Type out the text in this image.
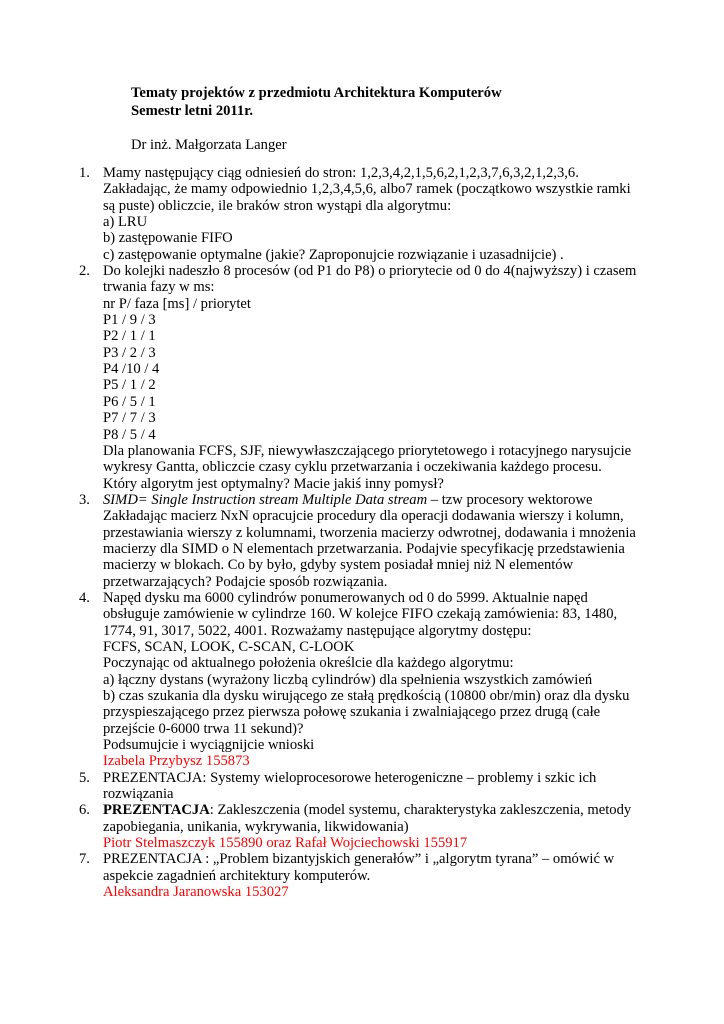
Tematy projektów z przedmiotu Architektura Komputerów
Semestr letni 2011r.
Dr inż. Małgorzata Langer
1. Mamy następujący ciąg odniesień do stron: 1,2,3,4,2,1,5,6,2,1,2,3,7,6,3,2,1,2,3,6.
Zakładając, że mamy odpowiednio 1,2,3,4,5,6, albo7 ramek (początkowo wszystkie ramki
są puste) obliczcie, ile braków stron wystąpi dla algorytmu:
a) LRU
b) zastępowanie FIFO
c) zastępowanie optymalne (jakie? Zaproponujcie rozwiązanie i uzasadnijcie) .
2. Do kolejki nadeszło 8 procesów (od P1 do P8) o priorytecie od 0 do 4(najwyższy) i czasem
trwania fazy w ms:
nr P/ faza [ms] / priorytet
P1 / 9 / 3
P2 / 1 / 1
P3 / 2 / 3
P4 /10 / 4
P5 / 1 / 2
P6 / 5 / 1
P7 / 7 / 3
P8 / 5 / 4
Dla planowania FCFS, SJF, niewywłaszczającego priorytetowego i rotacyjnego narysujcie
wykresy Gantta, obliczcie czasy cyklu przetwarzania i oczekiwania każdego procesu.
Który algorytm jest optymalny? Macie jakiś inny pomysł?
3. SIMD= Single Instruction stream Multiple Data stream – tzw procesory wektorowe
Zakładając macierz NxN opracujcie procedury dla operacji dodawania wierszy i kolumn,
przestawiania wierszy z kolumnami, tworzenia macierzy odwrotnej, dodawania i mnożenia
macierzy dla SIMD o N elementach przetwarzania. Podajvie specyfikację przedstawienia
macierzy w blokach. Co by było, gdyby system posiadał mniej niż N elementów
przetwarzających? Podajcie sposób rozwiązania.
4. Napęd dysku ma 6000 cylindrów ponumerowanych od 0 do 5999. Aktualnie napęd
obsługuje zamówienie w cylindrze 160. W kolejce FIFO czekają zamówienia: 83, 1480,
1774, 91, 3017, 5022, 4001. Rozważamy następujące algorytmy dostępu:
FCFS, SCAN, LOOK, C-SCAN, C-LOOK
Poczynając od aktualnego położenia określcie dla każdego algorytmu:
a) łączny dystans (wyrażony liczbą cylindrów) dla spełnienia wszystkich zamówień
b) czas szukania dla dysku wirującego ze stałą prędkością (10800 obr/min) oraz dla dysku
przyspieszającego przez pierwsza połowę szukania i zwalniającego przez drugą (całe
przejście 0-6000 trwa 11 sekund)?
Podsumujcie i wyciągnijcie wnioski
Izabela Przybysz 155873
5. PREZENTACJA: Systemy wieloprocesorowe heterogeniczne – problemy i szkic ich
rozwiązania
6. PREZENTACJA: Zakleszczenia (model systemu, charakterystyka zakleszczenia, metody
zapobiegania, unikania, wykrywania, likwidowania)
Piotr Stelmaszczyk 155890 oraz Rafał Wojciechowski 155917
7. PREZENTACJA : „Problem bizantyjskich generałów” i „algorytm tyrana” – omówić w
aspekcie zagadnień architektury komputerów.
Aleksandra Jaranowska 153027
